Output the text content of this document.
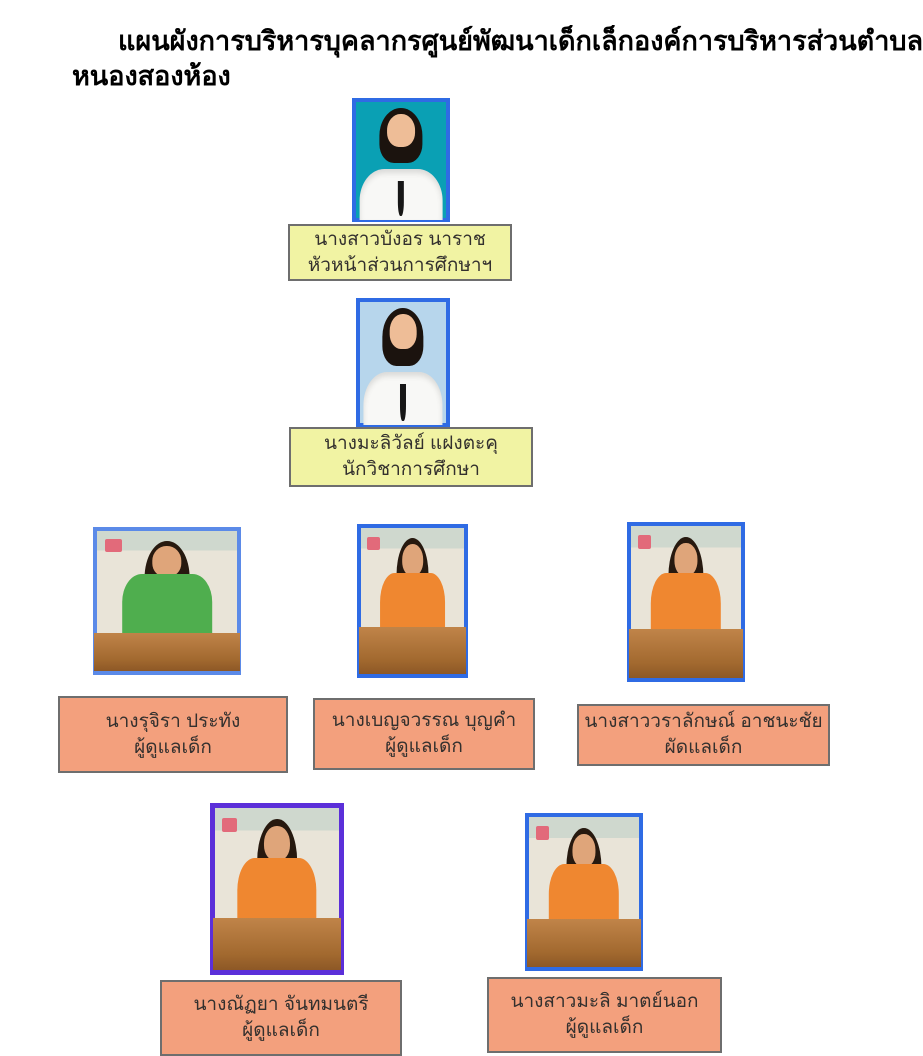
แผนผังการบริหารบุคลากรศูนย์พัฒนาเด็กเล็กองค์การบริหารส่วนตำบล
หนองสองห้อง
นางสาวบังอร นาราช
หัวหน้าส่วนการศึกษาฯ
นางมะลิวัลย์ แฝงตะคุ
นักวิชาการศึกษา
นางรุจิรา ประทัง
ผู้ดูแลเด็ก
นางเบญจวรรณ บุญคำ
ผู้ดูแลเด็ก
นางสาววราลักษณ์ อาชนะชัย
ผัดแลเด็ก
นางณัฏยา จันทมนตรี
ผู้ดูแลเด็ก
นางสาวมะลิ มาตย์นอก
ผู้ดูแลเด็ก
